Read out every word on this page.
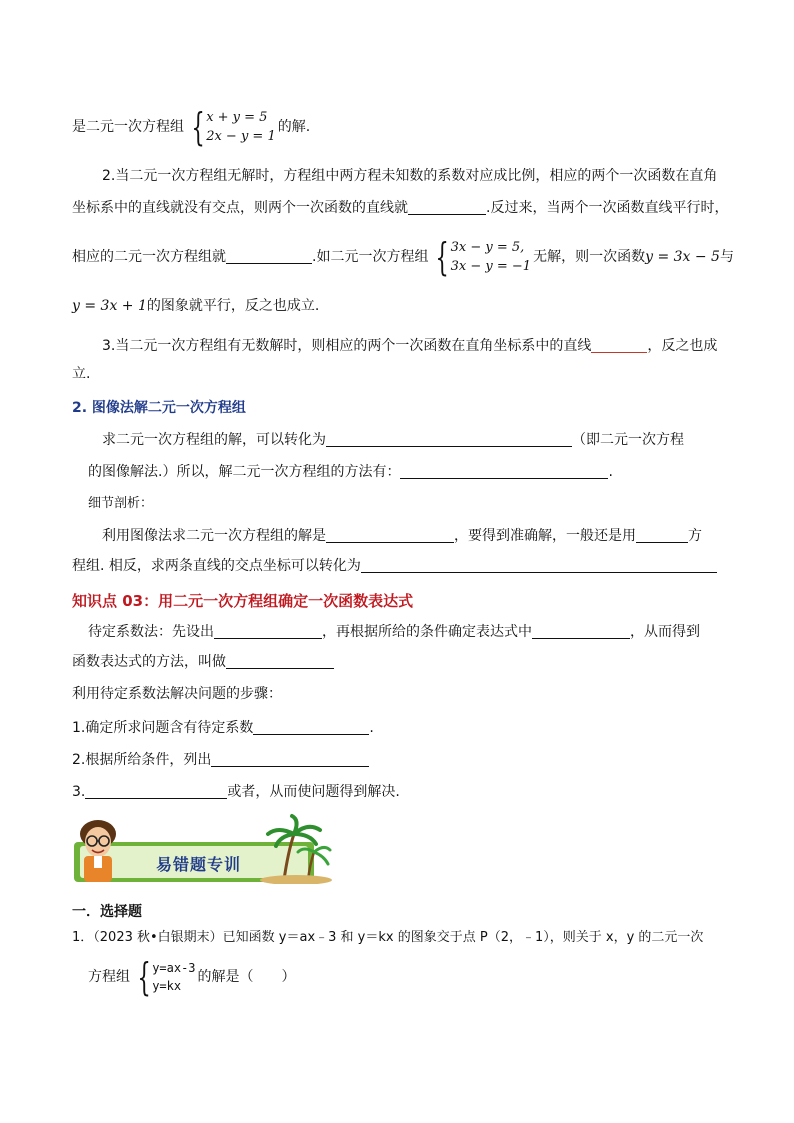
是二元一次方程组 { x + y = 5
2x − y = 1
的解.
2.当二元一次方程组无解时，方程组中两方程未知数的系数对应成比例，相应的两个一次函数在直角
坐标系中的直线就没有交点，则两个一次函数的直线就	.反过来，当两个一次函数直线平行时，
相应的二元一次方程组就	.如二元一次方程组 { 3x − y = 5,
3x − y = −1
无解，则一次函数y = 3x − 5与
y = 3x + 1的图象就平行，反之也成立.
3.当二元一次方程组有无数解时，则相应的两个一次函数在直角坐标系中的直线	，反之也成
立.
2. 图像法解二元一次方程组
求二元一次方程组的解，可以转化为	（即二元一次方程
的图像解法.）所以，解二元一次方程组的方法有：	.
细节剖析：
利用图像法求二元一次方程组的解是	，要得到准确解，一般还是用	方
程组. 相反，求两条直线的交点坐标可以转化为
知识点 03：用二元一次方程组确定一次函数表达式
待定系数法：先设出	，再根据所给的条件确定表达式中	，从而得到
函数表达式的方法，叫做
利用待定系数法解决问题的步骤：
1.确定所求问题含有待定系数	.
2.根据所给条件，列出
3.	或者，从而使问题得到解决.
易错题专训
一．选择题
1．（2023 秋•白银期末）已知函数 y＝ax﹣3 和 y＝kx 的图象交于点 P（2，﹣1），则关于 x，y 的二元一次
方程组 { y=ax-3
y=kx
的解是（　　）
